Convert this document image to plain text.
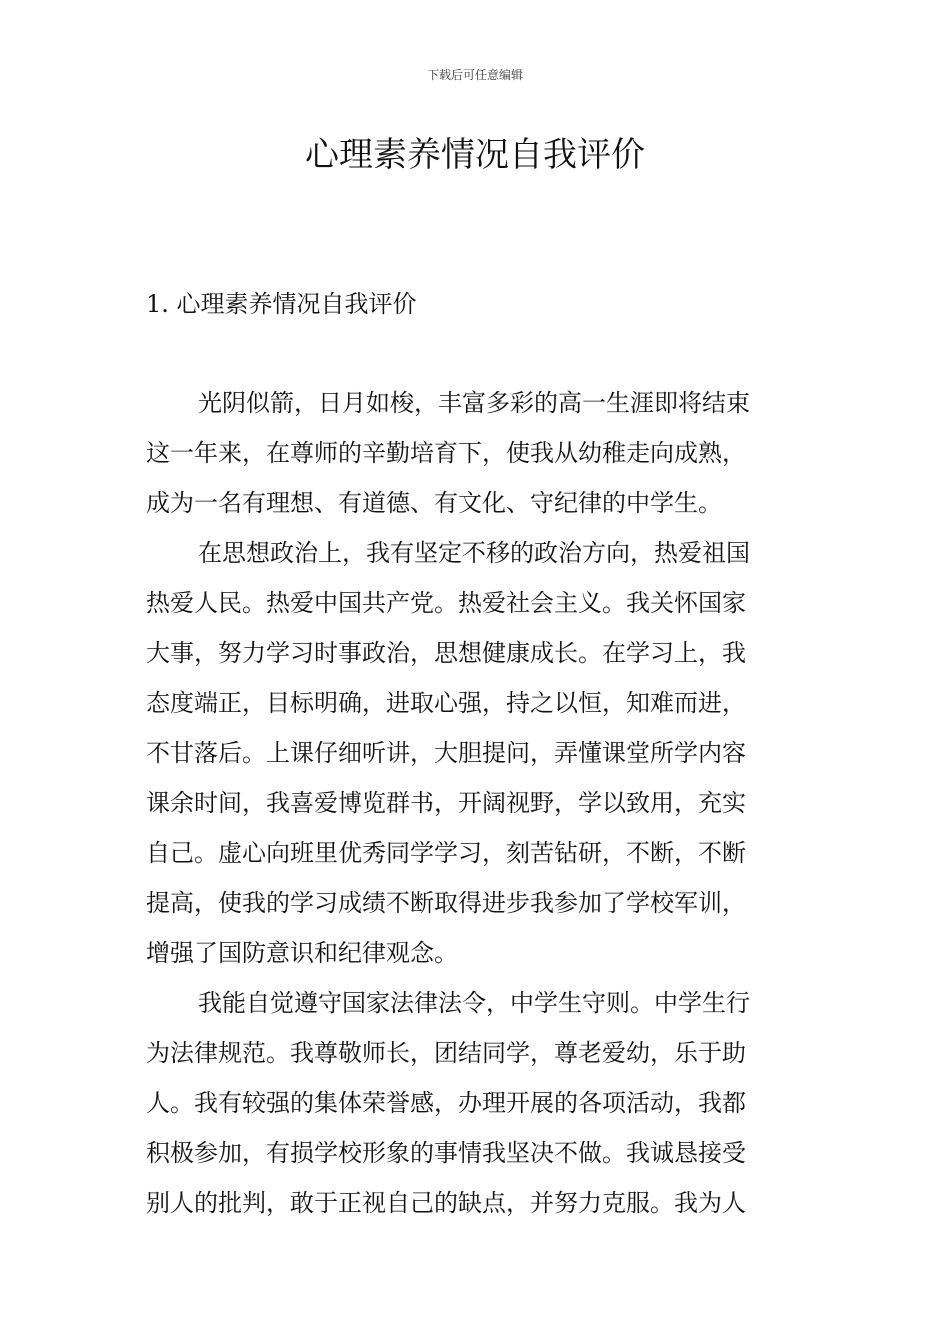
下载后可任意编辑
心理素养情况自我评价
1. 心理素养情况自我评价
光阴似箭，日月如梭，丰富多彩的高一生涯即将结束
这一年来，在尊师的辛勤培育下，使我从幼稚走向成熟，
成为一名有理想、有道德、有文化、守纪律的中学生。
在思想政治上，我有坚定不移的政治方向，热爱祖国
热爱人民。热爱中国共产党。热爱社会主义。我关怀国家
大事，努力学习时事政治，思想健康成长。在学习上，我
态度端正，目标明确，进取心强，持之以恒，知难而进，
不甘落后。上课仔细听讲，大胆提问，弄懂课堂所学内容
课余时间，我喜爱博览群书，开阔视野，学以致用，充实
自己。虚心向班里优秀同学学习，刻苦钻研，不断，不断
提高，使我的学习成绩不断取得进步我参加了学校军训，
增强了国防意识和纪律观念。
我能自觉遵守国家法律法令，中学生守则。中学生行
为法律规范。我尊敬师长，团结同学，尊老爱幼，乐于助
人。我有较强的集体荣誉感，办理开展的各项活动，我都
积极参加，有损学校形象的事情我坚决不做。我诚恳接受
别人的批判，敢于正视自己的缺点，并努力克服。我为人
